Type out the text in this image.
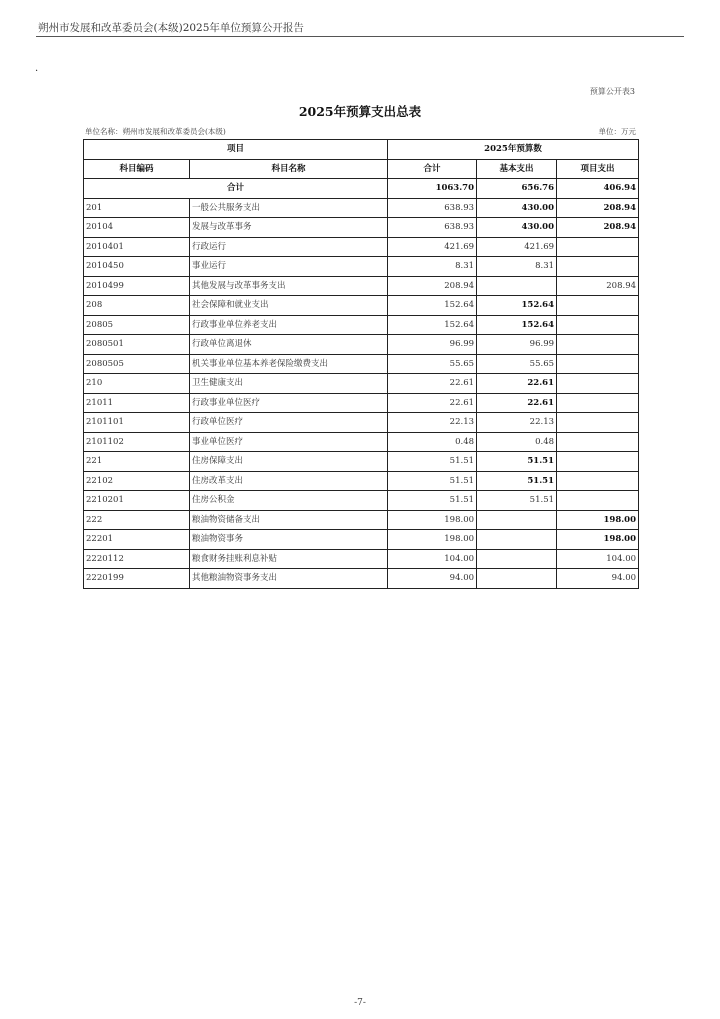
朔州市发展和改革委员会(本级)2025年单位预算公开报告
.
预算公开表3
2025年预算支出总表
单位名称：朔州市发展和改革委员会(本级)	单位：万元
项目		2025年预算数		
科目编码	科目名称	合计	基本支出	项目支出
合计		1063.70	656.76	406.94
201	一般公共服务支出	638.93	430.00	208.94
20104	发展与改革事务	638.93	430.00	208.94
2010401	行政运行	421.69	421.69	
2010450	事业运行	8.31	8.31	
2010499	其他发展与改革事务支出	208.94		208.94
208	社会保障和就业支出	152.64	152.64	
20805	行政事业单位养老支出	152.64	152.64	
2080501	行政单位离退休	96.99	96.99	
2080505	机关事业单位基本养老保险缴费支出	55.65	55.65	
210	卫生健康支出	22.61	22.61	
21011	行政事业单位医疗	22.61	22.61	
2101101	行政单位医疗	22.13	22.13	
2101102	事业单位医疗	0.48	0.48	
221	住房保障支出	51.51	51.51	
22102	住房改革支出	51.51	51.51	
2210201	住房公积金	51.51	51.51	
222	粮油物资储备支出	198.00		198.00
22201	粮油物资事务	198.00		198.00
2220112	粮食财务挂账利息补贴	104.00		104.00
2220199	其他粮油物资事务支出	94.00		94.00
-7-
